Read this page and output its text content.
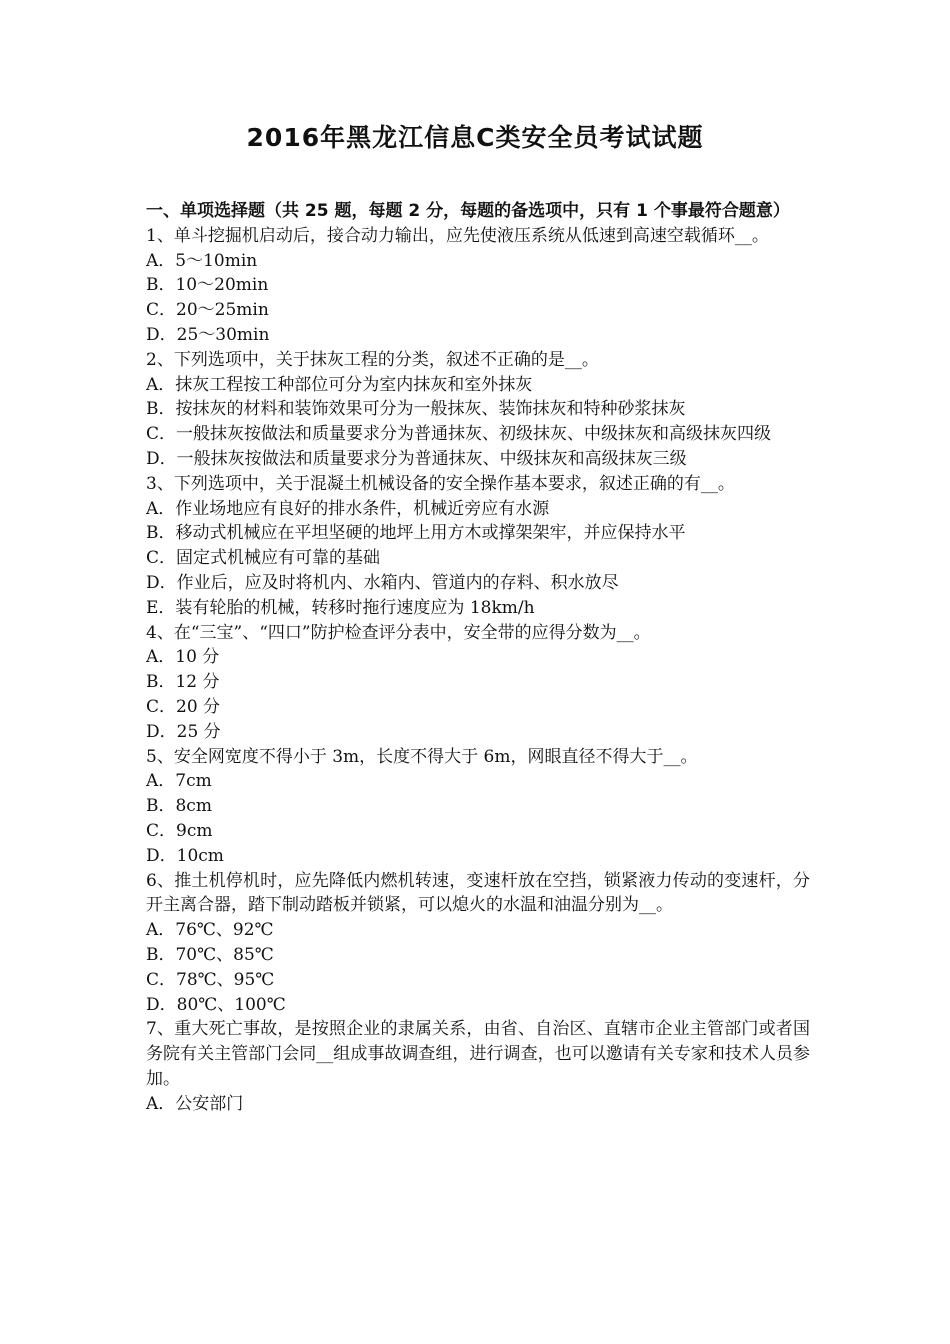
2016年黑龙江信息C类安全员考试试题
一、单项选择题（共 25 题，每题 2 分，每题的备选项中，只有 1 个事最符合题意）
1、单斗挖掘机启动后，接合动力输出，应先使液压系统从低速到高速空载循环__。
A．5～10min
B．10～20min
C．20～25min
D．25～30min
2、下列选项中，关于抹灰工程的分类，叙述不正确的是__。
A．抹灰工程按工种部位可分为室内抹灰和室外抹灰
B．按抹灰的材料和装饰效果可分为一般抹灰、装饰抹灰和特种砂浆抹灰
C．一般抹灰按做法和质量要求分为普通抹灰、初级抹灰、中级抹灰和高级抹灰四级
D．一般抹灰按做法和质量要求分为普通抹灰、中级抹灰和高级抹灰三级
3、下列选项中，关于混凝土机械设备的安全操作基本要求，叙述正确的有__。
A．作业场地应有良好的排水条件，机械近旁应有水源
B．移动式机械应在平坦坚硬的地坪上用方木或撑架架牢，并应保持水平
C．固定式机械应有可靠的基础
D．作业后，应及时将机内、水箱内、管道内的存料、积水放尽
E．装有轮胎的机械，转移时拖行速度应为 18km/h
4、在“三宝”、“四口”防护检查评分表中，安全带的应得分数为__。
A．10 分
B．12 分
C．20 分
D．25 分
5、安全网宽度不得小于 3m，长度不得大于 6m，网眼直径不得大于__。
A．7cm
B．8cm
C．9cm
D．10cm
6、推土机停机时，应先降低内燃机转速，变速杆放在空挡，锁紧液力传动的变速杆，分开主离合器，踏下制动踏板并锁紧，可以熄火的水温和油温分别为__。
A．76℃、92℃
B．70℃、85℃
C．78℃、95℃
D．80℃、100℃
7、重大死亡事故，是按照企业的隶属关系，由省、自治区、直辖市企业主管部门或者国务院有关主管部门会同__组成事故调查组，进行调查，也可以邀请有关专家和技术人员参加。
A．公安部门
